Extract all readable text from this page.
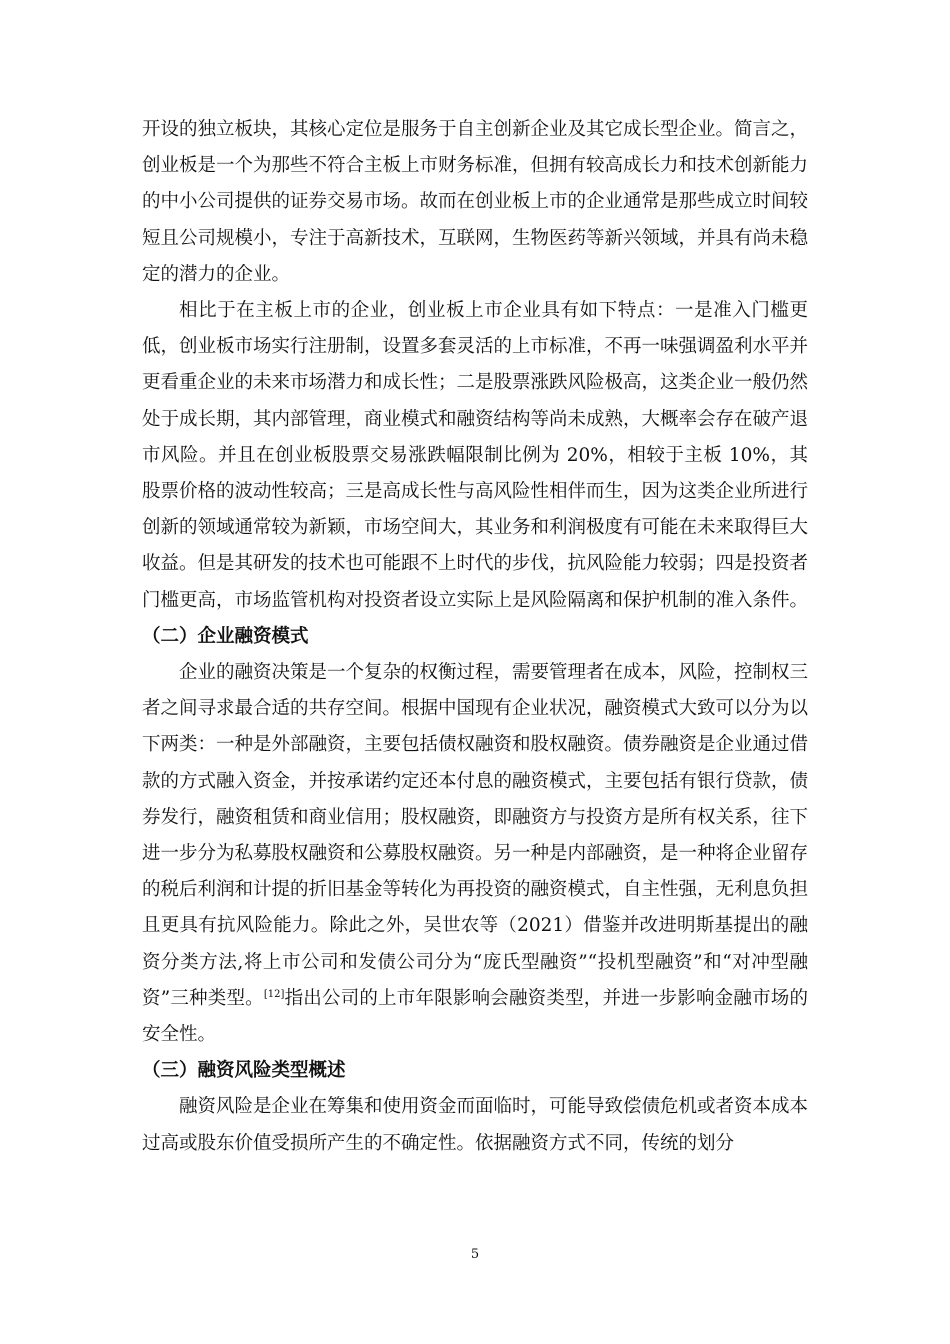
开设的独立板块，其核心定位是服务于自主创新企业及其它成长型企业。简言之，创业板是一个为那些不符合主板上市财务标准，但拥有较高成长力和技术创新能力的中小公司提供的证券交易市场。故而在创业板上市的企业通常是那些成立时间较短且公司规模小，专注于高新技术，互联网，生物医药等新兴领域，并具有尚未稳定的潜力的企业。

相比于在主板上市的企业，创业板上市企业具有如下特点：一是准入门槛更低，创业板市场实行注册制，设置多套灵活的上市标准，不再一味强调盈利水平并更看重企业的未来市场潜力和成长性；二是股票涨跌风险极高，这类企业一般仍然处于成长期，其内部管理，商业模式和融资结构等尚未成熟，大概率会存在破产退市风险。并且在创业板股票交易涨跌幅限制比例为 20%，相较于主板 10%，其股票价格的波动性较高；三是高成长性与高风险性相伴而生，因为这类企业所进行创新的领域通常较为新颖，市场空间大，其业务和利润极度有可能在未来取得巨大收益。但是其研发的技术也可能跟不上时代的步伐，抗风险能力较弱；四是投资者门槛更高，市场监管机构对投资者设立实际上是风险隔离和保护机制的准入条件。

（二）企业融资模式

企业的融资决策是一个复杂的权衡过程，需要管理者在成本，风险，控制权三者之间寻求最合适的共存空间。根据中国现有企业状况，融资模式大致可以分为以下两类：一种是外部融资，主要包括债权融资和股权融资。债券融资是企业通过借款的方式融入资金，并按承诺约定还本付息的融资模式，主要包括有银行贷款，债券发行，融资租赁和商业信用；股权融资，即融资方与投资方是所有权关系，往下进一步分为私募股权融资和公募股权融资。另一种是内部融资，是一种将企业留存的税后利润和计提的折旧基金等转化为再投资的融资模式，自主性强，无利息负担且更具有抗风险能力。除此之外，吴世农等（2021）借鉴并改进明斯基提出的融资分类方法,将上市公司和发债公司分为“庞氏型融资”“投机型融资”和“对冲型融资”三种类型。[12]指出公司的上市年限影响会融资类型，并进一步影响金融市场的安全性。

（三）融资风险类型概述

融资风险是企业在筹集和使用资金而面临时，可能导致偿债危机或者资本成本过高或股东价值受损所产生的不确定性。依据融资方式不同，传统的划分

5
